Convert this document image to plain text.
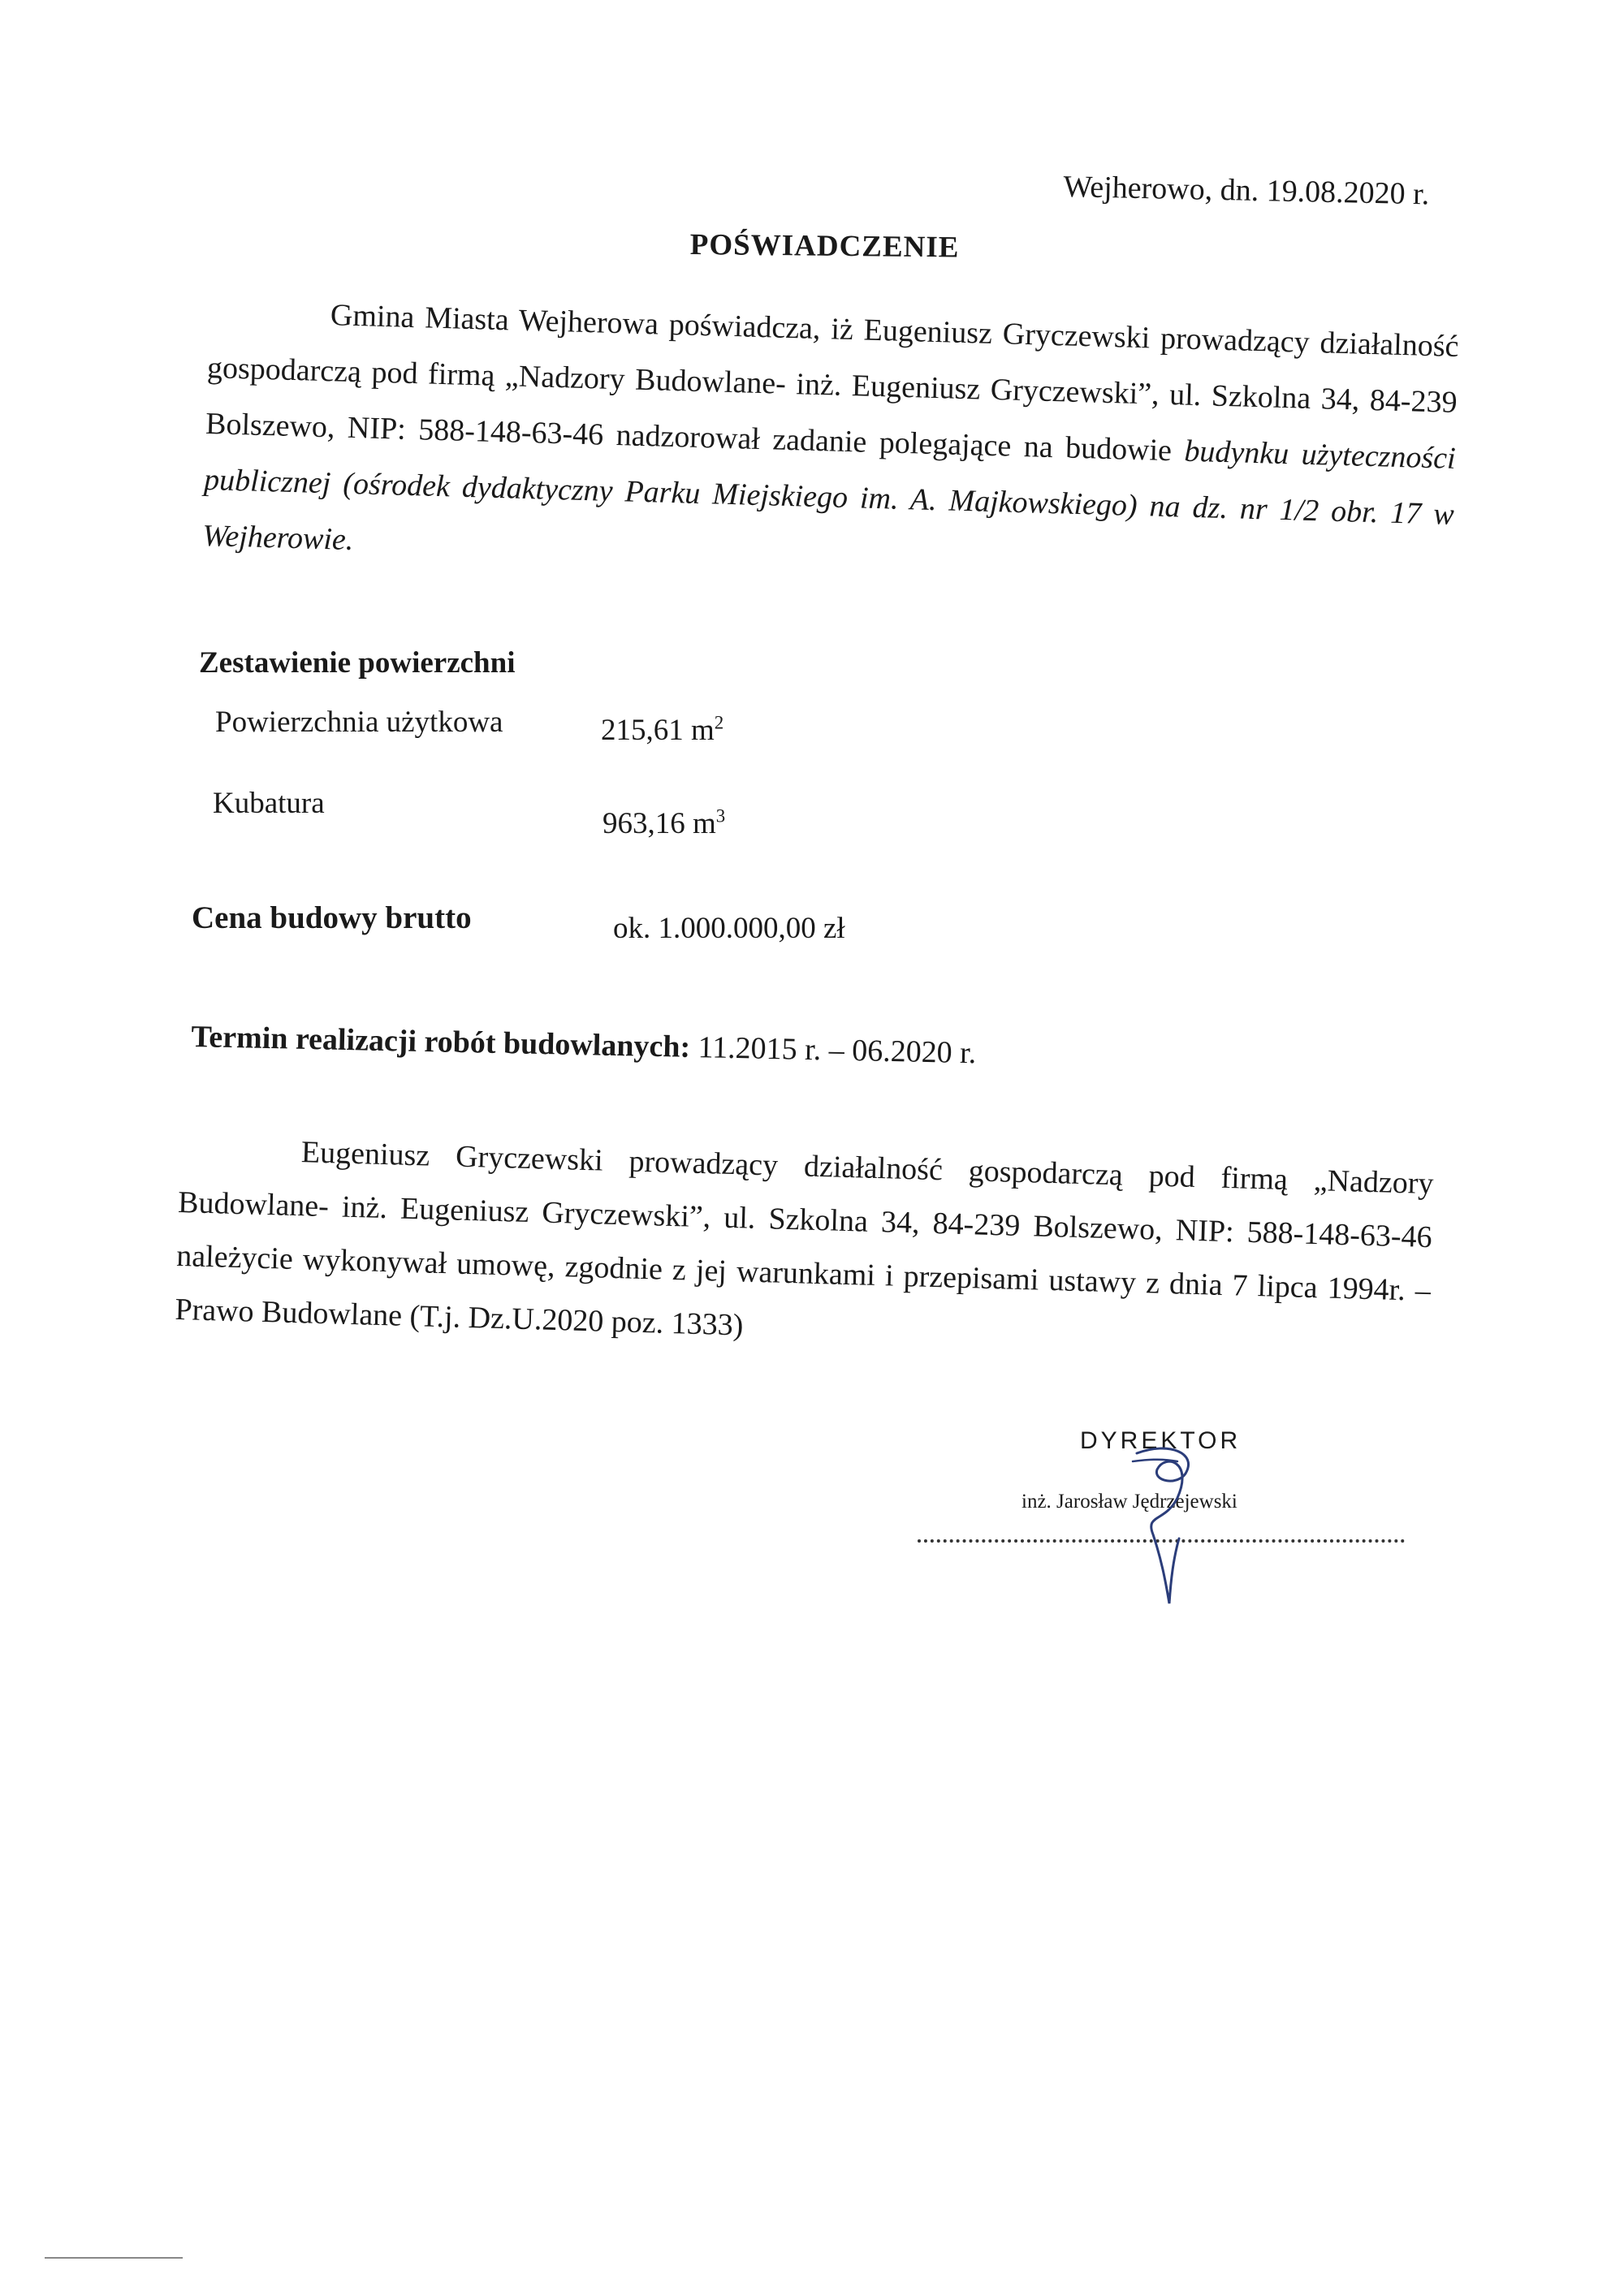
Wejherowo, dn. 19.08.2020 r.
POŚWIADCZENIE
Gmina Miasta Wejherowa poświadcza, iż Eugeniusz Gryczewski prowadzący działalność gospodarczą pod firmą „Nadzory Budowlane- inż. Eugeniusz Gryczewski”, ul. Szkolna 34, 84-239 Bolszewo, NIP: 588-148-63-46 nadzorował zadanie polegające na budowie budynku użyteczności publicznej (ośrodek dydaktyczny Parku Miejskiego im. A. Majkowskiego) na dz. nr 1/2 obr. 17 w Wejherowie.
Zestawienie powierzchni
Powierzchnia użytkowa	215,61 $m^2$
Kubatura
963,16 $m^3$
Cena budowy brutto	ok. 1.000.000,00 zł
Termin realizacji robót budowlanych: 11.2015 r. – 06.2020 r.
Eugeniusz Gryczewski prowadzący działalność gospodarczą pod firmą „Nadzory Budowlane- inż. Eugeniusz Gryczewski”, ul. Szkolna 34, 84-239 Bolszewo, NIP: 588-148-63-46 należycie wykonywał umowę, zgodnie z jej warunkami i przepisami ustawy z dnia 7 lipca 1994r. – Prawo Budowlane (T.j. Dz.U.2020 poz. 1333)
DYREKTOR
inż. Jarosław Jędrzejewski
